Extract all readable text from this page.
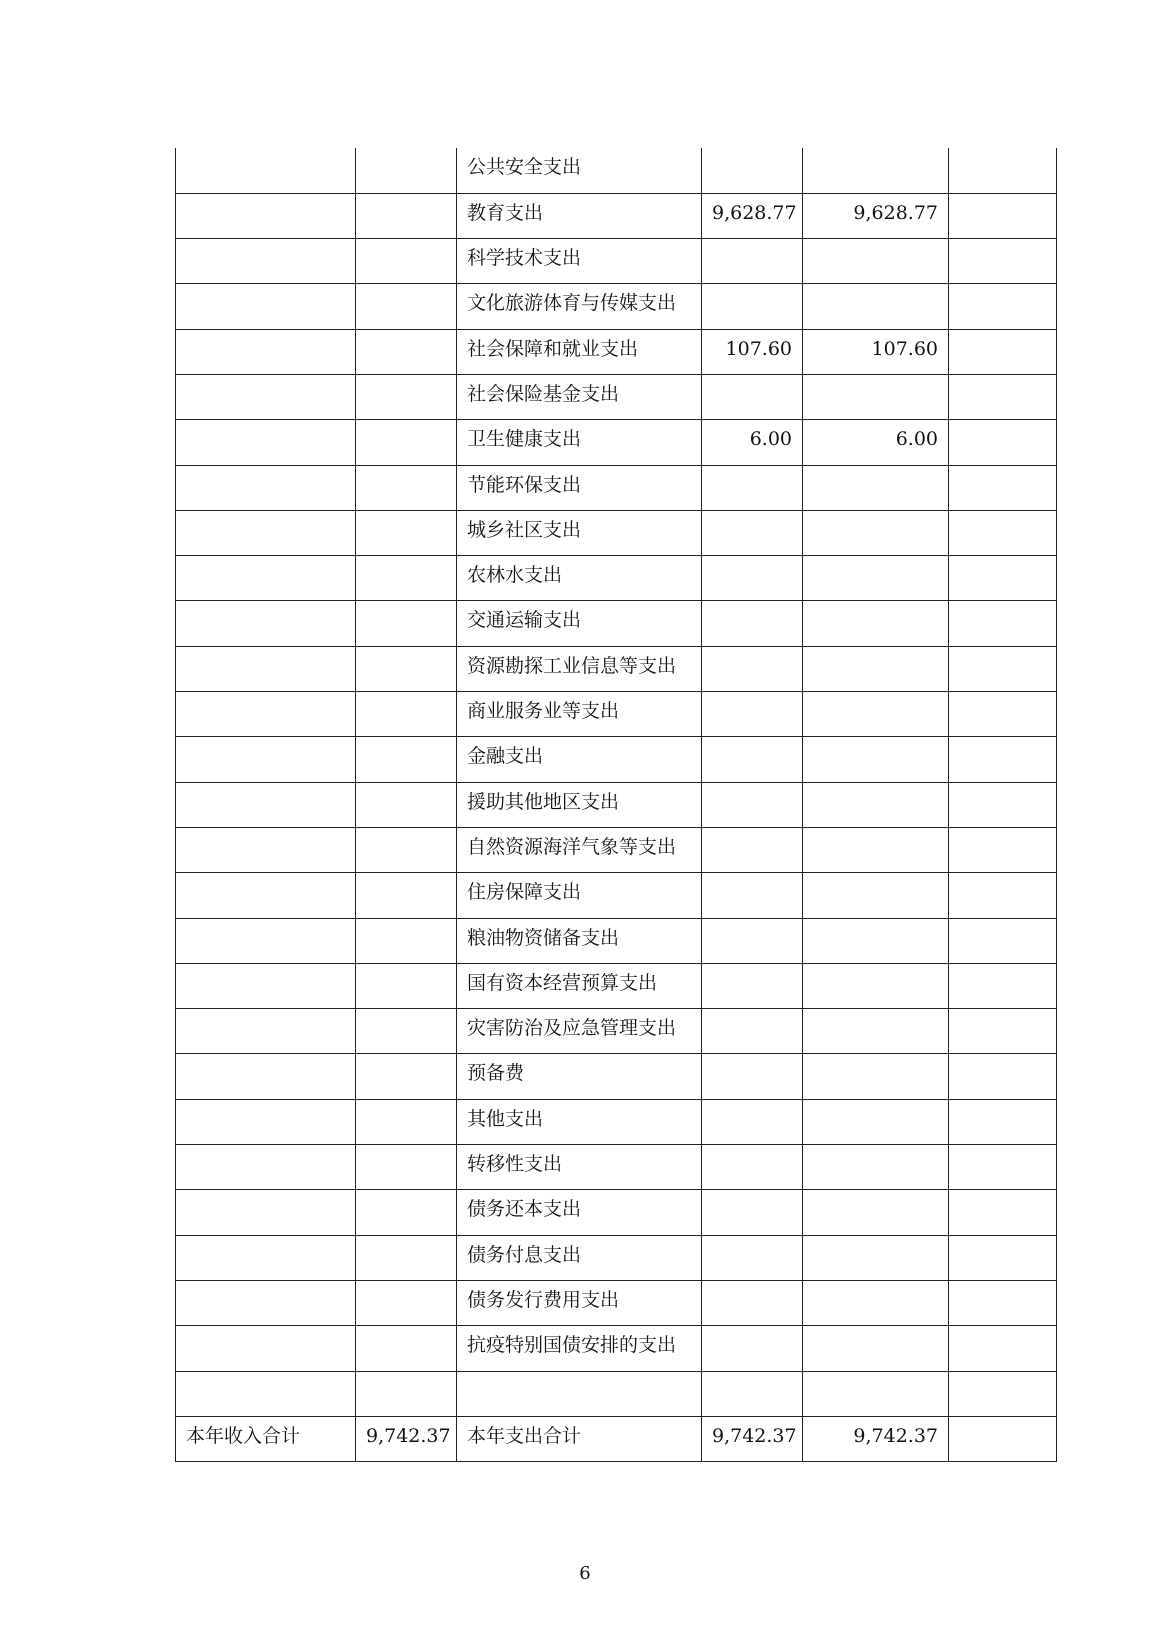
		公共安全支出			
		教育支出	9,628.77	9,628.77	
		科学技术支出			
		文化旅游体育与传媒支出			
		社会保障和就业支出	107.60	107.60	
		社会保险基金支出			
		卫生健康支出	6.00	6.00	
		节能环保支出			
		城乡社区支出			
		农林水支出			
		交通运输支出			
		资源勘探工业信息等支出			
		商业服务业等支出			
		金融支出			
		援助其他地区支出			
		自然资源海洋气象等支出			
		住房保障支出			
		粮油物资储备支出			
		国有资本经营预算支出			
		灾害防治及应急管理支出			
		预备费			
		其他支出			
		转移性支出			
		债务还本支出			
		债务付息支出			
		债务发行费用支出			
		抗疫特别国债安排的支出			

本年收入合计	9,742.37	本年支出合计	9,742.37	9,742.37	
6
